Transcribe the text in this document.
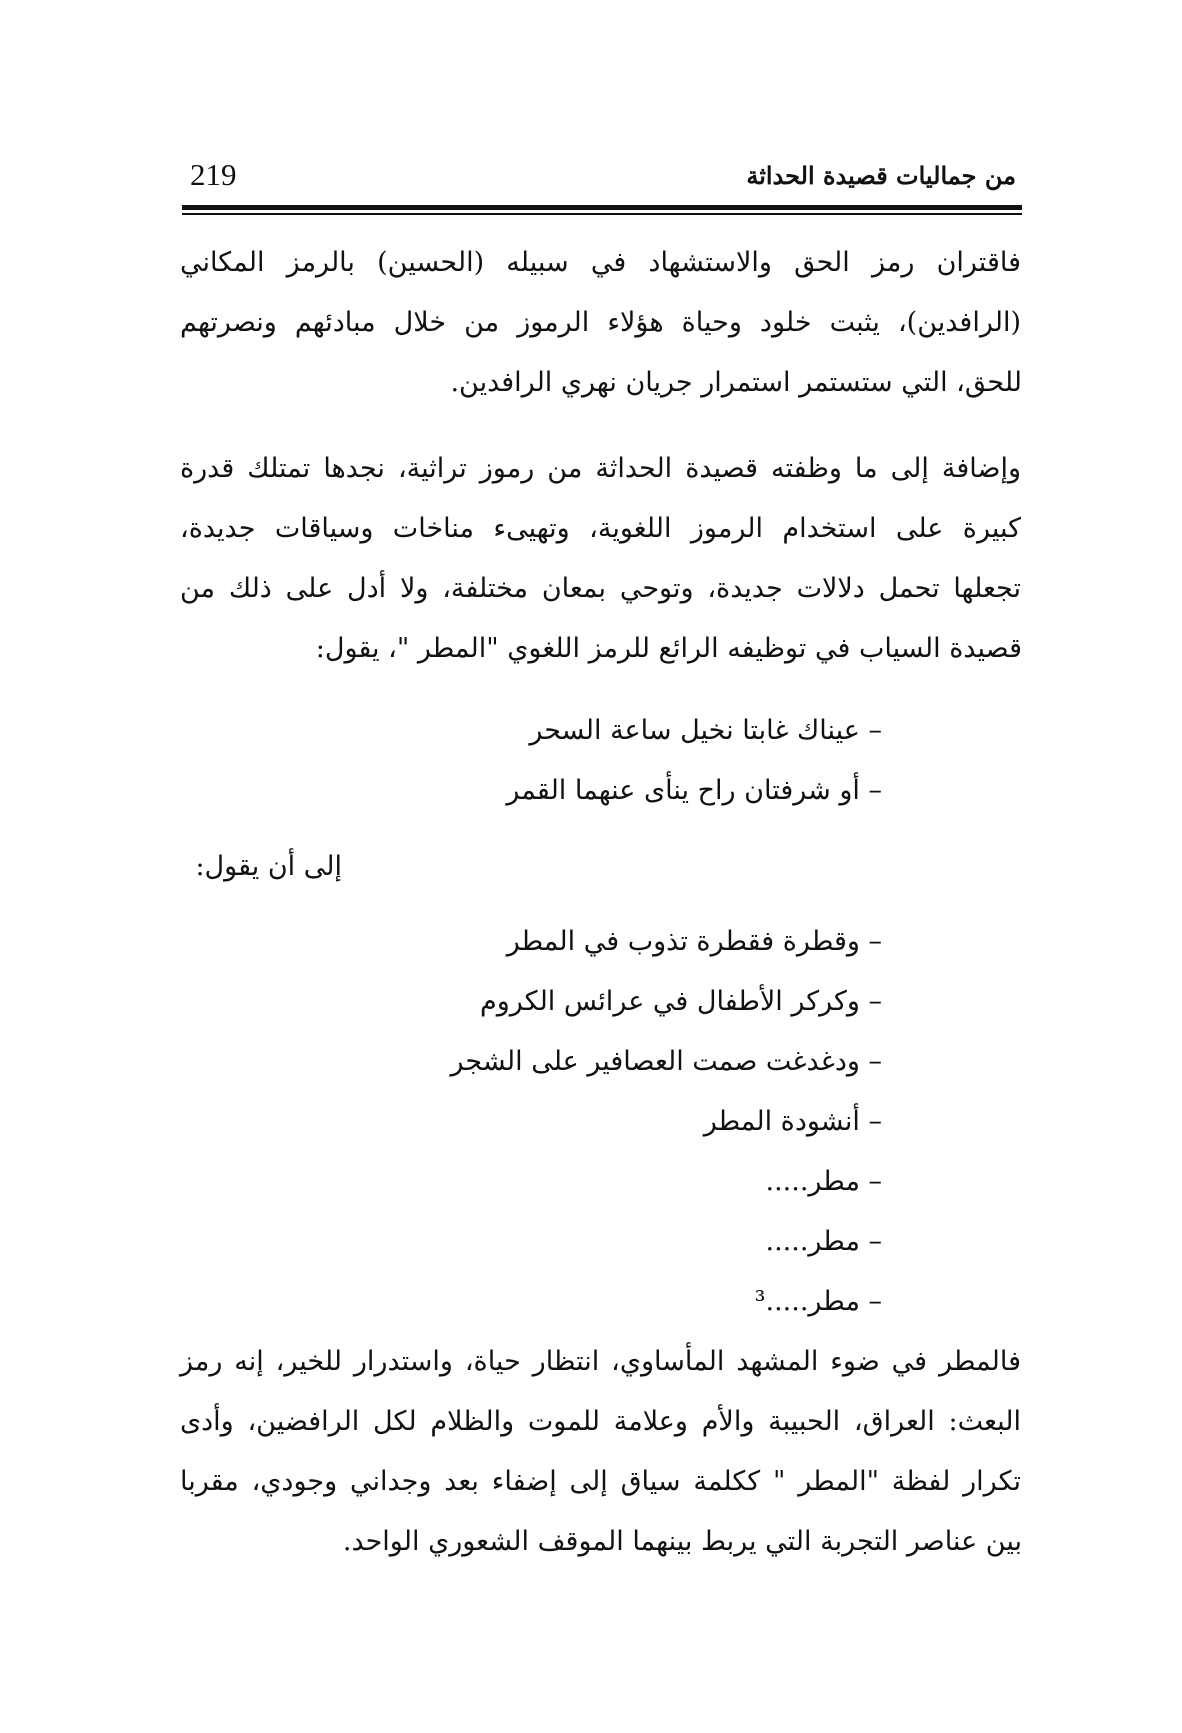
219	من جماليات قصيدة الحداثة
فاقتران رمز الحق والاستشهاد في سبيله (الحسين) بالرمز المكاني
(الرافدين)، يثبت خلود وحياة هؤلاء الرموز من خلال مبادئهم ونصرتهم
للحق، التي ستستمر استمرار جريان نهري الرافدين.
وإضافة إلى ما وظفته قصيدة الحداثة من رموز تراثية، نجدها تمتلك قدرة
كبيرة على استخدام الرموز اللغوية، وتهيىء مناخات وسياقات جديدة،
تجعلها تحمل دلالات جديدة، وتوحي بمعان مختلفة، ولا أدل على ذلك من
قصيدة السياب في توظيفه الرائع للرمز اللغوي "المطر "، يقول:
– عيناك غابتا نخيل ساعة السحر
– أو شرفتان راح ينأى عنهما القمر
إلى أن يقول:
– وقطرة فقطرة تذوب في المطر
– وكركر الأطفال في عرائس الكروم
– ودغدغت صمت العصافير على الشجر
– أنشودة المطر
– مطر.....
– مطر.....
– مطر.....³
فالمطر في ضوء المشهد المأساوي، انتظار حياة، واستدرار للخير، إنه رمز
البعث: العراق، الحبيبة والأم وعلامة للموت والظلام لكل الرافضين، وأدى
تكرار لفظة "المطر " ككلمة سياق إلى إضفاء بعد وجداني وجودي، مقربا
بين عناصر التجربة التي يربط بينهما الموقف الشعوري الواحد.
